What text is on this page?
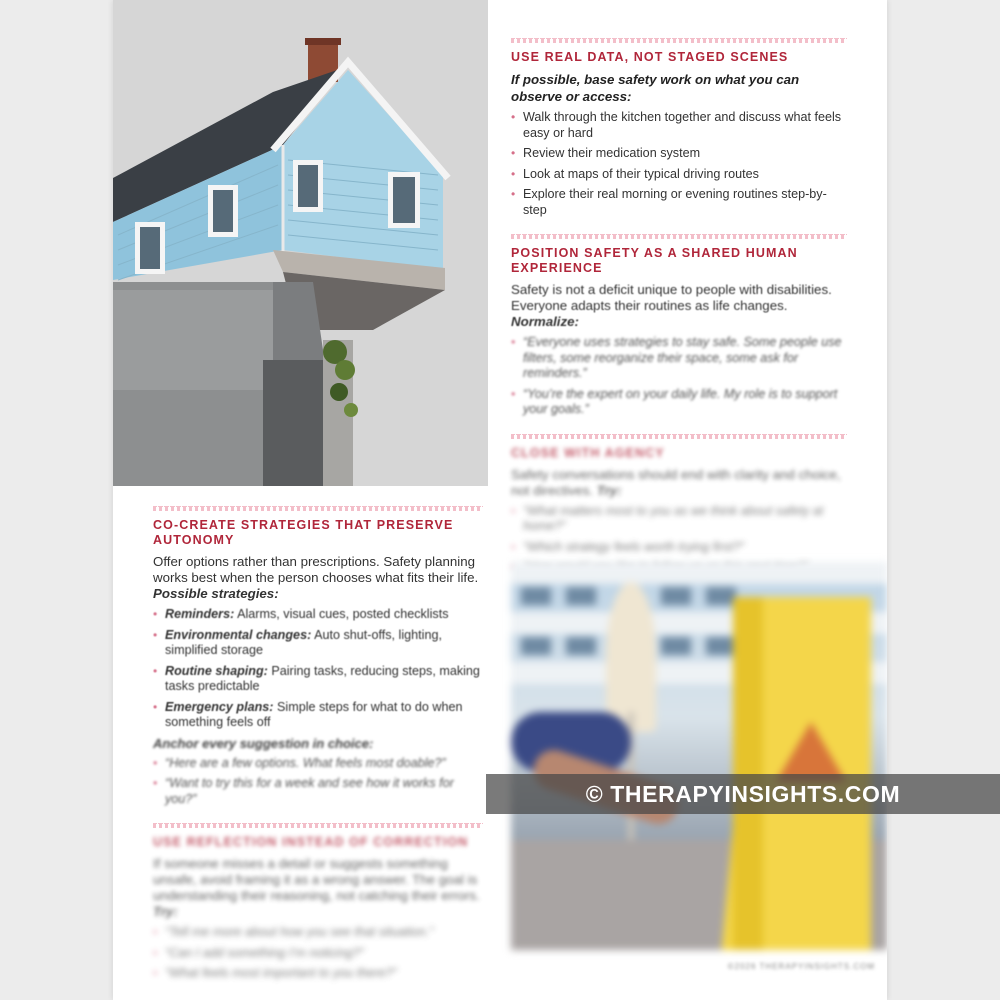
USE REAL DATA, NOT STAGED SCENES

If possible, base safety work on what you can observe or access:

• Walk through the kitchen together and discuss what feels easy or hard
• Review their medication system
• Look at maps of their typical driving routes
• Explore their real morning or evening routines step-by-step
POSITION SAFETY AS A SHARED HUMAN EXPERIENCE

Safety is not a deficit unique to people with disabilities. Everyone adapts their routines as life changes. Normalize:

• “Everyone uses strategies to stay safe. Some people use filters, some reorganize their space, some ask for reminders.”
• “You’re the expert on your daily life. My role is to support your goals.”
CLOSE WITH AGENCY

Safety conversations should end with clarity and choice, not directives. Try:

• “What matters most to you as we think about safety at home?”
• “Which strategy feels worth trying first?”
•
CO-CREATE STRATEGIES THAT PRESERVE AUTONOMY

Offer options rather than prescriptions. Safety planning works best when the person chooses what fits their life. Possible strategies:

• Reminders: Alarms, visual cues, posted checklists
• Environmental changes: Auto shut-offs, lighting, simplified storage
• Routine shaping: Pairing tasks, reducing steps, making tasks predictable
• Emergency plans: Simple steps for what to do when something feels off

Anchor every suggestion in choice:

• “Here are a few options. What feels most doable?”
• “Want to try this for a week and see how it works for you?”
USE REFLECTION INSTEAD OF CORRECTION

If someone misses a detail or suggests something unsafe, avoid framing it as a wrong answer. The goal is understanding their reasoning, not catching their errors. Try:

• “Tell me more about how you see that situation.”
• “Can I add something I’m noticing?”
• “What feels most important to you there?”	©2026 THERAPYINSIGHTS.COM
© THERAPYINSIGHTS.COM
